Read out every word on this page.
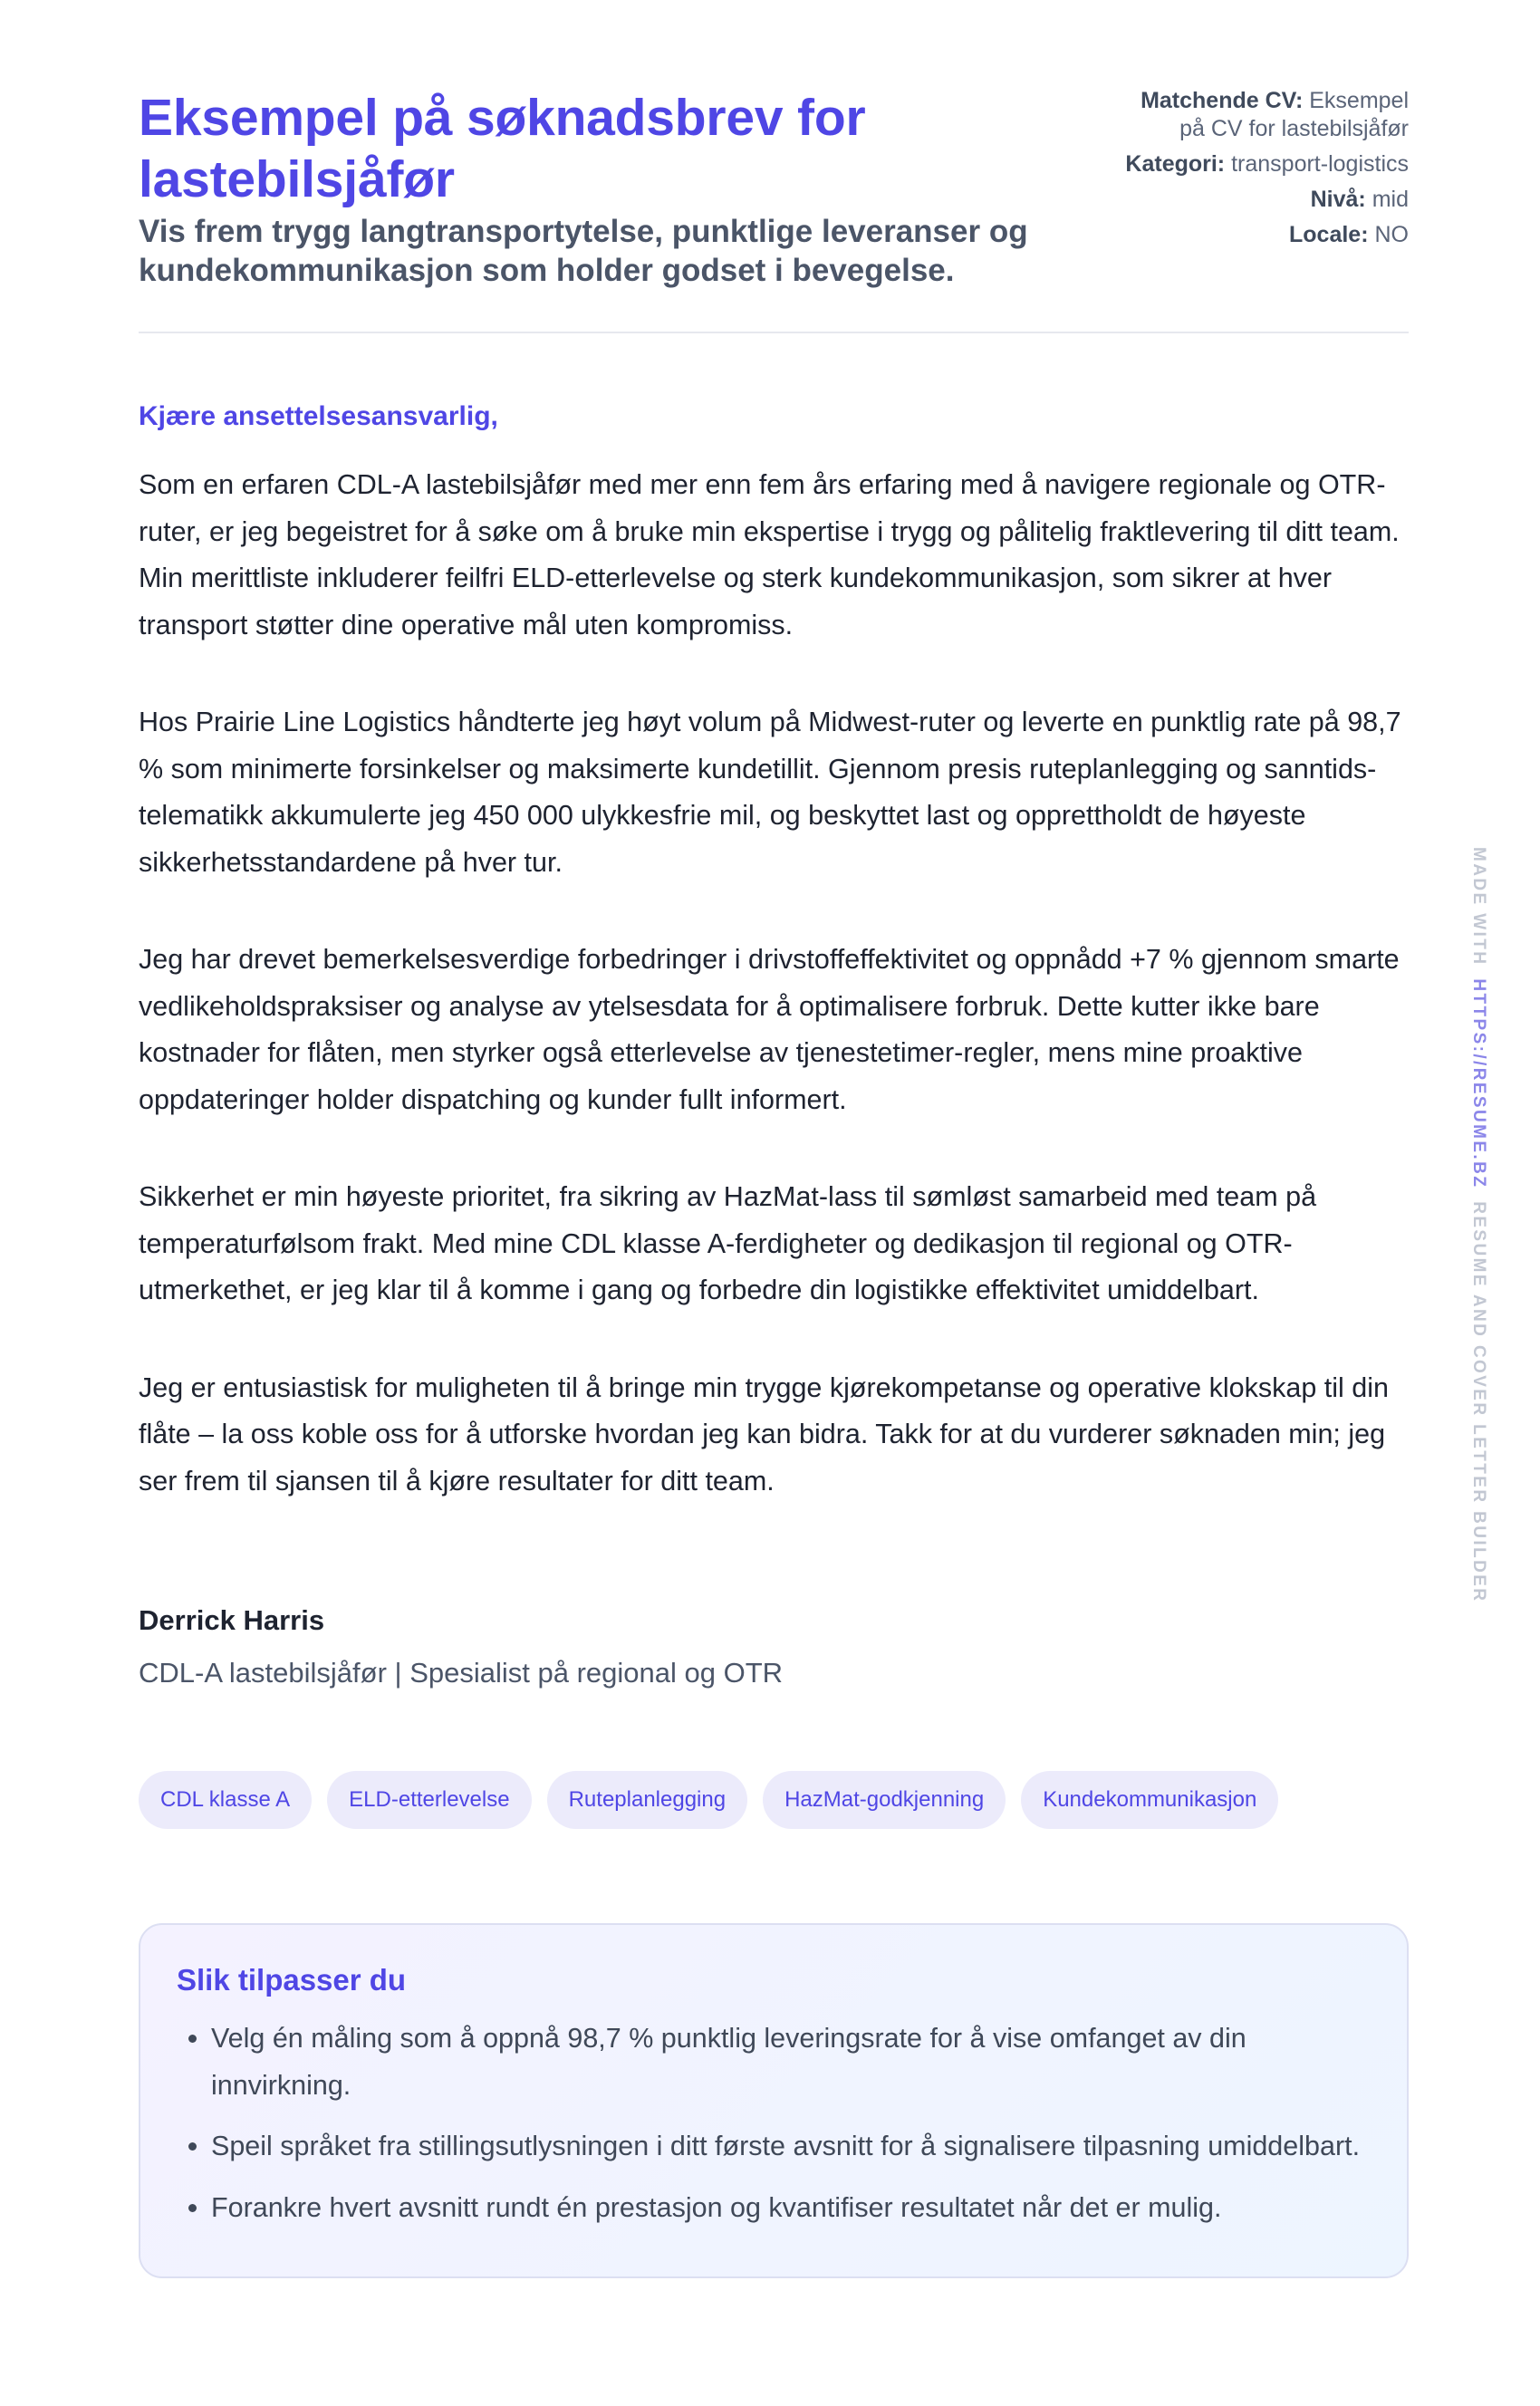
Eksempel på søknadsbrev for lastebilsjåfør

Vis frem trygg langtransportytelse, punktlige leveranser og kundekommunikasjon som holder godset i bevegelse.

Matchende CV: Eksempel på CV for lastebilsjåfør
Kategori: transport-logistics
Nivå: mid
Locale: NO
Kjære ansettelsesansvarlig,

Som en erfaren CDL-A lastebilsjåfør med mer enn fem års erfaring med å navigere regionale og OTR-ruter, er jeg begeistret for å søke om å bruke min ekspertise i trygg og pålitelig fraktlevering til ditt team. Min merittliste inkluderer feilfri ELD-etterlevelse og sterk kundekommunikasjon, som sikrer at hver transport støtter dine operative mål uten kompromiss.

Hos Prairie Line Logistics håndterte jeg høyt volum på Midwest-ruter og leverte en punktlig rate på 98,7 % som minimerte forsinkelser og maksimerte kundetillit. Gjennom presis ruteplanlegging og sanntids-telematikk akkumulerte jeg 450 000 ulykkesfrie mil, og beskyttet last og opprettholdt de høyeste sikkerhetsstandardene på hver tur.

Jeg har drevet bemerkelsesverdige forbedringer i drivstoffeffektivitet og oppnådd +7 % gjennom smarte vedlikeholdspraksiser og analyse av ytelsesdata for å optimalisere forbruk. Dette kutter ikke bare kostnader for flåten, men styrker også etterlevelse av tjenestetimer-regler, mens mine proaktive oppdateringer holder dispatching og kunder fullt informert.

Sikkerhet er min høyeste prioritet, fra sikring av HazMat-lass til sømløst samarbeid med team på temperaturfølsom frakt. Med mine CDL klasse A-ferdigheter og dedikasjon til regional og OTR-utmerkethet, er jeg klar til å komme i gang og forbedre din logistikke effektivitet umiddelbart.

Jeg er entusiastisk for muligheten til å bringe min trygge kjørekompetanse og operative klokskap til din flåte – la oss koble oss for å utforske hvordan jeg kan bidra. Takk for at du vurderer søknaden min; jeg ser frem til sjansen til å kjøre resultater for ditt team.

Derrick Harris
CDL-A lastebilsjåfør | Spesialist på regional og OTR
CDL klasse A	ELD-etterlevelse	Ruteplanlegging	HazMat-godkjenning	Kundekommunikasjon
Slik tilpasser du
• Velg én måling som å oppnå 98,7 % punktlig leveringsrate for å vise omfanget av din innvirkning.
• Speil språket fra stillingsutlysningen i ditt første avsnitt for å signalisere tilpasning umiddelbart.
• Forankre hvert avsnitt rundt én prestasjon og kvantifiser resultatet når det er mulig.
MADE WITHHTTPS://RESUME.BZRESUME AND COVER LETTER BUILDER
